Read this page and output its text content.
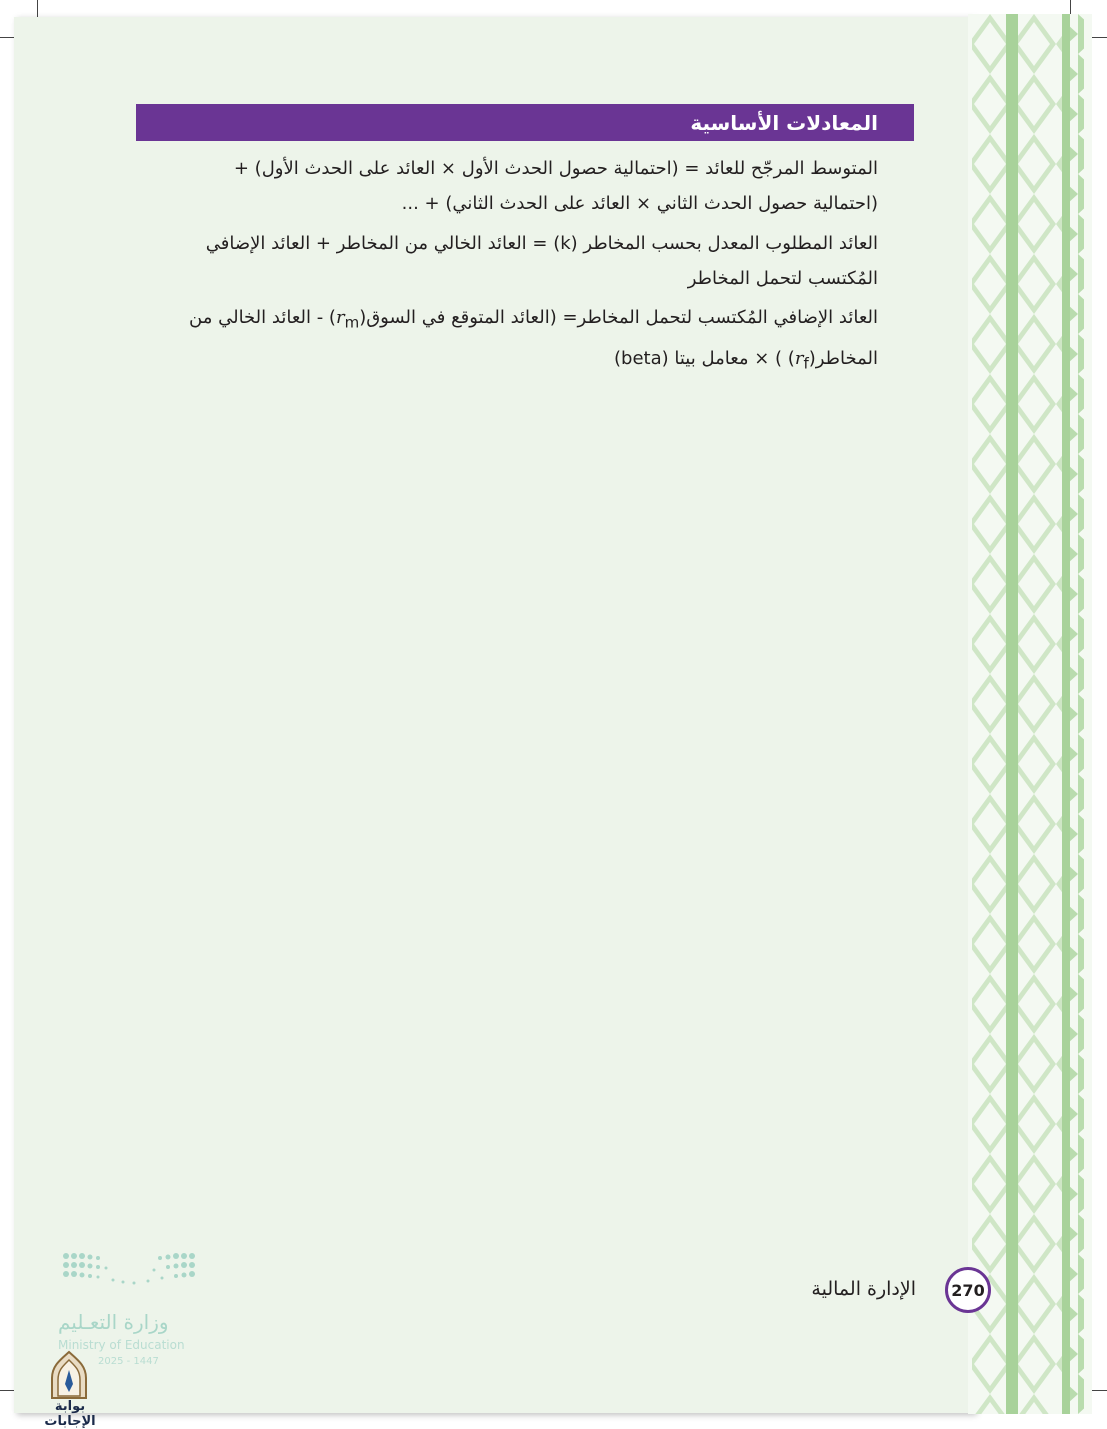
المعادلات الأساسية
المتوسط المرجّح للعائد = (احتمالية حصول الحدث الأول × العائد على الحدث الأول) +
(احتمالية حصول الحدث الثاني × العائد على الحدث الثاني) + ...
العائد المطلوب المعدل بحسب المخاطر (k) = العائد الخالي من المخاطر + العائد الإضافي
المُكتسب لتحمل المخاطر
العائد الإضافي المُكتسب لتحمل المخاطر= (العائد المتوقع في $السوق(r_m)$ - العائد الخالي من
$المخاطر(r_f)$ ) × معامل بيتا (beta)
الإدارة المالية	270
وزارة التعـليم
Ministry of Education
2025 - 1447
بوابة الإجابات
